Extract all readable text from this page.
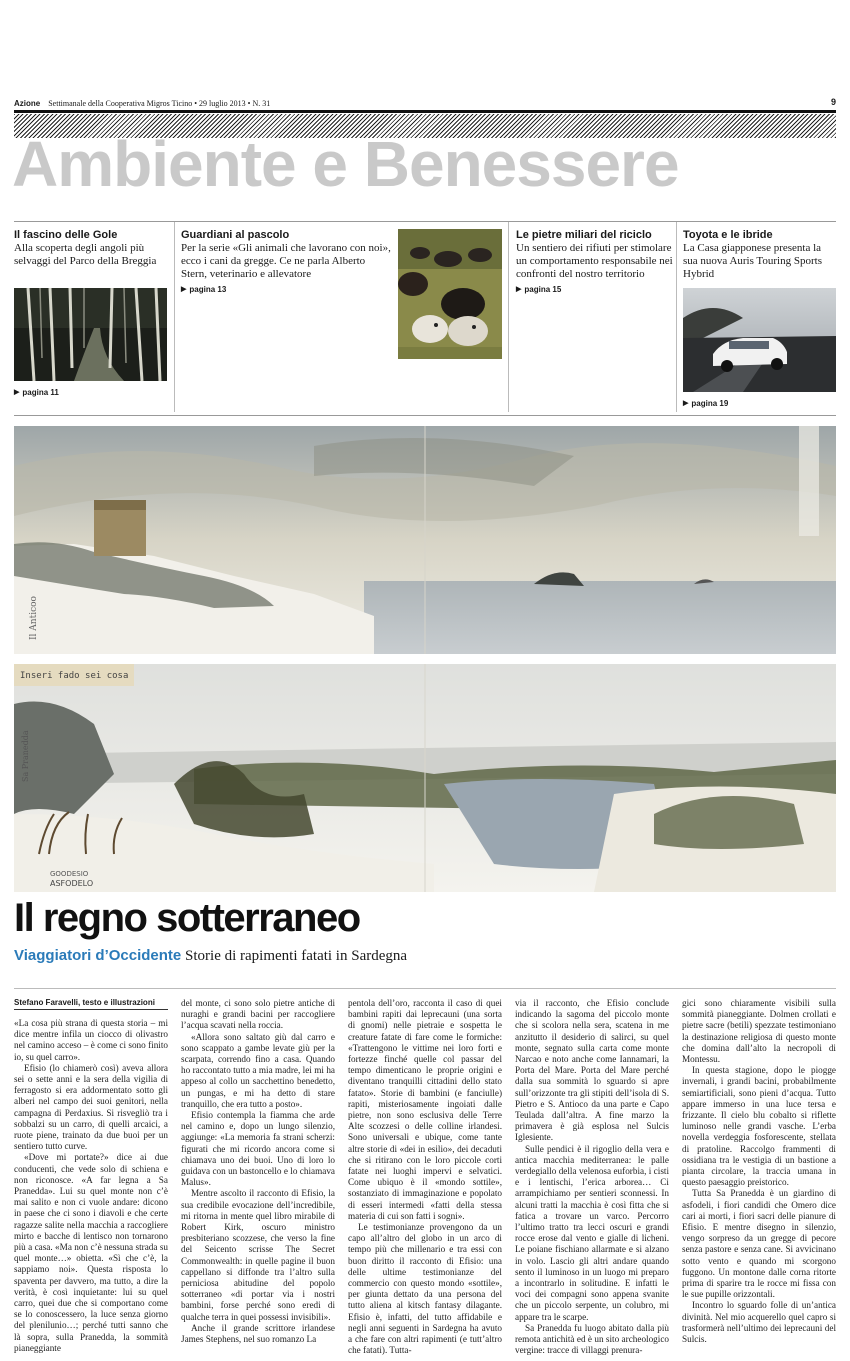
Azione Settimanale della Cooperativa Migros Ticino • 29 luglio 2013 • N. 31	9
Ambiente e Benessere
Il fascino delle Gole

Alla scoperta degli angoli più selvaggi del Parco della Breggia

▶ pagina 11
Guardiani al pascolo

Per la serie «Gli animali che lavorano con noi», ecco i cani da gregge. Ce ne parla Alberto Stern, veterinario e allevatore

▶ pagina 13
Le pietre miliari del riciclo

Un sentiero dei rifiuti per stimolare un comportamento responsabile nei confronti del nostro territorio

▶ pagina 15
Toyota e le ibride

La Casa giapponese presenta la sua nuova Auris Touring Sports Hybrid

▶ pagina 19
Il Anticoo
Inseri fado sei cosa
Sa Pranedda
GOODESIO
ASFODELO
Il regno sotterraneo
Viaggiatori d’Occidente Storie di rapimenti fatati in Sardegna
Stefano Faravelli, testo e illustrazioni

«La cosa più strana di questa storia – mi dice mentre infila un ciocco di olivastro nel camino acceso – è come ci sono finito io, su quel carro».

Efisio (lo chiamerò così) aveva allora sei o sette anni e la sera della vigilia di ferragosto si era addormentato sotto gli alberi nel campo dei suoi genitori, nella campagna di Perdaxius. Si risvegliò tra i sobbalzi su un carro, di quelli arcaici, a ruote piene, trainato da due buoi per un sentiero tutto curve.

«Dove mi portate?» dice ai due conducenti, che vede solo di schiena e non riconosce. «A far legna a Sa Pranedda». Lui su quel monte non c’è mai salito e non ci vuole andare: dicono in paese che ci sono i diavoli e che certe ragazze salite nella macchia a raccogliere mirto e bacche di lentisco non tornarono più a casa. «Ma non c’è nessuna strada su quel monte…» obietta. «Sì che c’è, la sappiamo noi». Questa risposta lo spaventa per davvero, ma tutto, a dire la verità, è così inquietante: lui su quel carro, quei due che si comportano come se lo conoscessero, la luce senza giorno del plenilunio…; perché tutti sanno che là sopra, sulla Pranedda, la sommità pianeggiante

del monte, ci sono solo pietre antiche di nuraghi e grandi bacini per raccogliere l’acqua scavati nella roccia.

«Allora sono saltato giù dal carro e sono scappato a gambe levate giù per la scarpata, correndo fino a casa. Quando ho raccontato tutto a mia madre, lei mi ha appeso al collo un sacchettino benedetto, un pungas, e mi ha detto di stare tranquillo, che era tutto a posto».

Efisio contempla la fiamma che arde nel camino e, dopo un lungo silenzio, aggiunge: «La memoria fa strani scherzi: figurati che mi ricordo ancora come si chiamava uno dei buoi. Uno di loro lo guidava con un bastoncello e lo chiamava Malus».

Mentre ascolto il racconto di Efisio, la sua credibile evocazione dell’incredibile, mi ritorna in mente quel libro mirabile di Robert Kirk, oscuro ministro presbiteriano scozzese, che verso la fine del Seicento scrisse The Secret Commonwealth: in quelle pagine il buon cappellano si diffonde tra l’altro sulla perniciosa abitudine del popolo sotterraneo «di portar via i nostri bambini, forse perché sono eredi di qualche terra in quei possessi invisibili».

Anche il grande scrittore irlandese James Stephens, nel suo romanzo La

pentola dell’oro, racconta il caso di quei bambini rapiti dai leprecauni (una sorta di gnomi) nelle pietraie e sospetta le creature fatate di fare come le formiche: «Trattengono le vittime nei loro forti e fortezze finché quelle col passar del tempo dimenticano le proprie origini e diventano tranquilli cittadini dello stato fatato». Storie di bambini (e fanciulle) rapiti, misteriosamente ingoiati dalle pietre, non sono esclusiva delle Terre Alte scozzesi o delle colline irlandesi. Sono universali e ubique, come tante altre storie di «dei in esilio», dei decaduti che si ritirano con le loro piccole corti fatate nei luoghi impervi e selvatici. Come ubiquo è il «mondo sottile», sostanziato di immaginazione e popolato di esseri intermedi «fatti della stessa materia di cui son fatti i sogni».

Le testimonianze provengono da un capo all’altro del globo in un arco di tempo più che millenario e tra essi con buon diritto il racconto di Efisio: una delle ultime testimonianze del commercio con questo mondo «sottile», per giunta dettato da una persona del tutto aliena al kitsch fantasy dilagante. Efisio è, infatti, del tutto affidabile e negli anni seguenti in Sardegna ha avuto a che fare con altri rapimenti (e tutt’altro che fatati). Tutta-

via il racconto, che Efisio conclude indicando la sagoma del piccolo monte che si scolora nella sera, scatena in me anzitutto il desiderio di salirci, su quel monte, segnato sulla carta come monte Narcao e noto anche come Iannamari, la Porta del Mare. Porta del Mare perché dalla sua sommità lo sguardo si apre sull’orizzonte tra gli stipiti dell’isola di S. Pietro e S. Antioco da una parte e Capo Teulada dall’altra. A fine marzo la primavera è già esplosa nel Sulcis Iglesiente.

Sulle pendici è il rigoglio della vera e antica macchia mediterranea: le palle verdegiallo della velenosa euforbia, i cisti e i lentischi, l’erica arborea… Ci arrampichiamo per sentieri sconnessi. In alcuni tratti la macchia è così fitta che si fatica a trovare un varco. Percorro l’ultimo tratto tra lecci oscuri e grandi rocce erose dal vento e gialle di licheni. Le poiane fischiano allarmate e si alzano in volo. Lascio gli altri andare quando sento il luminoso in un luogo mi preparo a incontrarlo in solitudine. E infatti le voci dei compagni sono appena svanite che un piccolo serpente, un colubro, mi appare tra le scarpe.

Sa Pranedda fu luogo abitato dalla più remota antichità ed è un sito archeologico vergine: tracce di villaggi prenura-

gici sono chiaramente visibili sulla sommità pianeggiante. Dolmen crollati e pietre sacre (betili) spezzate testimoniano la destinazione religiosa di questo monte che domina dall’alto la necropoli di Montessu.

In questa stagione, dopo le piogge invernali, i grandi bacini, probabilmente semiartificiali, sono pieni d’acqua. Tutto appare immerso in una luce tersa e frizzante. Il cielo blu cobalto si riflette luminoso nelle grandi vasche. L’erba novella verdeggia fosforescente, stellata di pratoline. Raccolgo frammenti di ossidiana tra le vestigia di un bastione a pianta circolare, la traccia umana in questo paesaggio preistorico.

Tutta Sa Pranedda è un giardino di asfodeli, i fiori candidi che Omero dice cari ai morti, i fiori sacri delle pianure di Efisio. E mentre disegno in silenzio, vengo sorpreso da un gregge di pecore senza pastore e senza cane. Si avvicinano sotto vento e quando mi scorgono fuggono. Un montone dalle corna ritorte prima di sparire tra le rocce mi fissa con le sue pupille orizzontali.

Incontro lo sguardo folle di un’antica divinità. Nel mio acquerello quel capro si trasformerà nell’ultimo dei leprecauni del Sulcis.
